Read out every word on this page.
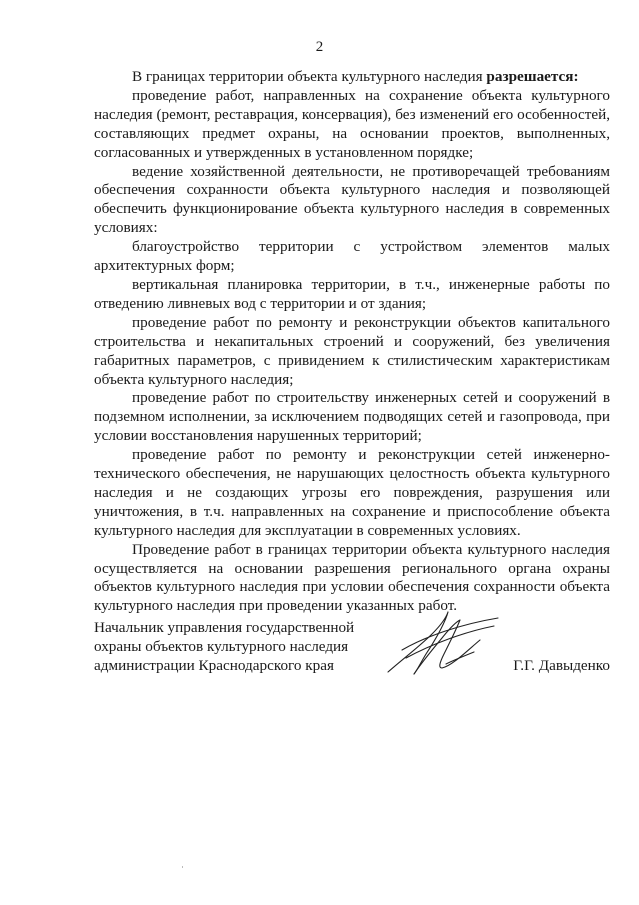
2

В границах территории объекта культурного наследия разрешается:

проведение работ, направленных на сохранение объекта культурного наследия (ремонт, реставрация, консервация), без изменений его особенностей, составляющих предмет охраны, на основании проектов, выполненных, согласованных и утвержденных в установленном порядке;

ведение хозяйственной деятельности, не противоречащей требованиям обеспечения сохранности объекта культурного наследия и позволяющей обеспечить функционирование объекта культурного наследия в современных условиях:

благоустройство территории с устройством элементов малых архитектурных форм;

вертикальная планировка территории, в т.ч., инженерные работы по отведению ливневых вод с территории и от здания;

проведение работ по ремонту и реконструкции объектов капитального строительства и некапитальных строений и сооружений, без увеличения габаритных параметров, с привидением к стилистическим характеристикам объекта культурного наследия;

проведение работ по строительству инженерных сетей и сооружений в подземном исполнении, за исключением подводящих сетей и газопровода, при условии восстановления нарушенных территорий;

проведение работ по ремонту и реконструкции сетей инженерно-технического обеспечения, не нарушающих целостность объекта культурного наследия и не создающих угрозы его повреждения, разрушения или уничтожения, в т.ч. направленных на сохранение и приспособление объекта культурного наследия для эксплуатации в современных условиях.

Проведение работ в границах территории объекта культурного наследия осуществляется на основании разрешения регионального органа охраны объектов культурного наследия при условии обеспечения сохранности объекта культурного наследия при проведении указанных работ.

Начальник управления государственной
охраны объектов культурного наследия
администрации Краснодарского края	Г.Г. Давыденко
